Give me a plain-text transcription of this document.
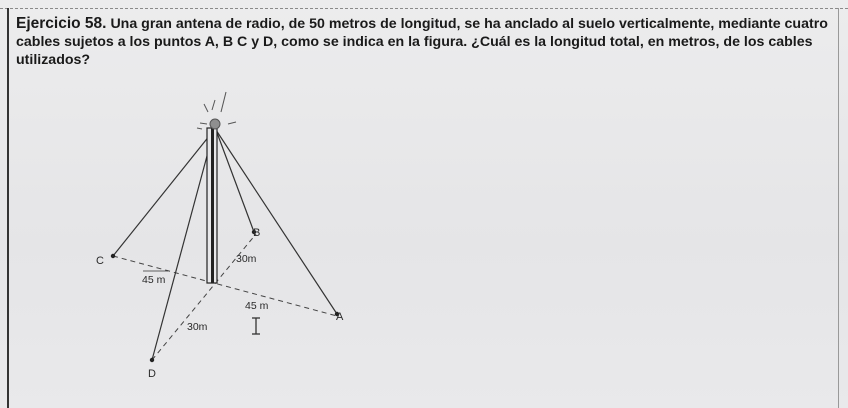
Ejercicio 58. Una gran antena de radio, de 50 metros de longitud, se ha anclado al suelo verticalmente, mediante cuatro cables sujetos a los puntos A, B C y D, como se indica en la figura. ¿Cuál es la longitud total, en metros, de los cables utilizados?
C
B
A
D
45 m
30m
45 m
30m
